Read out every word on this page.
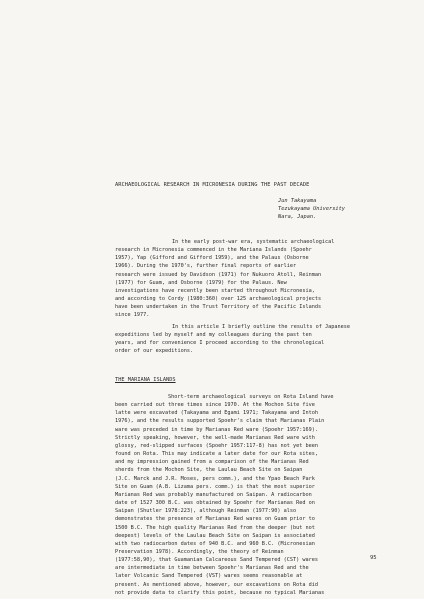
ARCHAEOLOGICAL RESEARCH IN MICRONESIA DURING THE PAST DECADE
Jun Takayama
Tezukayama University
Nara, Japan.
In the early post-war era, systematic archaeological
research in Micronesia commenced in the Mariana Islands (Spoehr
1957), Yap (Gifford and Gifford 1959), and the Palaus (Osborne
1966). During the 1970's, further final reports of earlier
research were issued by Davidson (1971) for Nukuoro Atoll, Reinman
(1977) for Guam, and Osborne (1979) for the Palaus. New
investigations have recently been started throughout Micronesia,
and according to Cordy (1980:360) over 125 archaeological projects
have been undertaken in the Trust Territory of the Pacific Islands
since 1977.
In this article I briefly outline the results of Japanese
expeditions led by myself and my colleagues during the past ten
years, and for convenience I proceed according to the chronological
order of our expeditions.
THE MARIANA ISLANDS
Short-term archaeological surveys on Rota Island have
been carried out three times since 1970. At the Mochon Site five
latte were excavated (Takayama and Egami 1971; Takayama and Intoh
1976), and the results supported Spoehr's claim that Marianas Plain
ware was preceded in time by Marianas Red ware (Spoehr 1957:169).
Strictly speaking, however, the well-made Marianas Red ware with
glossy, red-slipped surfaces (Spoehr 1957:117-8) has not yet been
found on Rota. This may indicate a later date for our Rota sites,
and my impression gained from a comparison of the Marianas Red
sherds from the Mochon Site, the Laulau Beach Site on Saipan
(J.C. Marck and J.R. Moses, pers comm.), and the Ypao Beach Park
Site on Guam (A.B. Lizama pers. comm.) is that the most superior
Marianas Red was probably manufactured on Saipan. A radiocarbon
date of 1527 300 B.C. was obtained by Spoehr for Marianas Red on
Saipan (Shutler 1978:223), although Reinman (1977:90) also
demonstrates the presence of Marianas Red wares on Guam prior to
1500 B.C. The high quality Marianas Red from the deeper (but not
deepest) levels of the Laulau Beach Site on Saipan is associated
with two radiocarbon dates of 940 B.C. and 960 B.C. (Micronesian
Preservation 1978). Accordingly, the theory of Reinman
(1977:58,90), that Guamanian Calcareous Sand Tempered (CST) wares
are intermediate in time between Spoehr's Marianas Red and the
later Volcanic Sand Tempered (VST) wares seems reasonable at
present. As mentioned above, however, our excavations on Rota did
not provide data to clarify this point, because no typical Marianas
95
